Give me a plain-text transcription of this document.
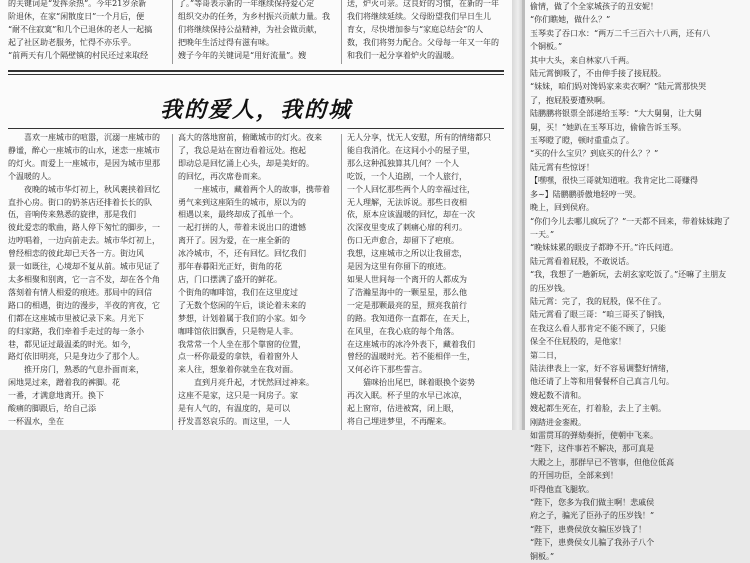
的关键词是“发挥余热”。今年21岁余新

阶退休，在家“闲散度日”一个月后，便

“耐不住寂寞”和几个已退休的老人一起搞

起了社区助老服务，忙得不亦乐乎。

“前两天有几个隔壁镇的村民还过来取经

了。”等哥表示新的一年继续保持爱心定

组织交办的任务，为乡村振兴贡献力量。我

们将继续保持公益精神，为社会做贡献，

把晚年生活过得有滋有味。

嫂子今年的关键词是“用好流量”。嫂

送，炉火可亲。这良好的习惯，在新的一年

我们将继续延续。父母盼望我们早日生儿

育女，尽快增加参与“家庭总结会”的人

数，我们将努力配合。父母每一年又一年的

和我们一起分享着炉火的温暖。

我的爱人，我的城

喜欢一座城市的喧嚣，沉溺一座城市的

静谧，醉心一座城市的山水，迷恋一座城市

的灯火。而爱上一座城市，是因为城市里那

个温暖的人。

夜晚的城市华灯初上，秋风裹挟着回忆

直扑心房。街口的奶茶店还排着长长的队

伍，音响传来熟悉的旋律，那是我们

彼此爱恋的歌曲，路人停下匆忙的脚步，一

边哼唱着，一边向前走去。城市华灯初上，

曾经相恋的彼此却已天各一方。街边风

景一如既往，心境却不复从前。城市见证了

太多相聚和别离，它一言不发，却在各个角

落刻着有情人相爱的痕迹。那局中的回信

路口的相遇，街边的漫步，半夜的宵夜，它

们都在这座城市里被记录下来。月光下

的归家路，我们牵着手走过的每一条小

巷，都见证过最温柔的时光。如今，

路灯依旧明亮，只是身边少了那个人。

推开房门，熟悉的气息扑面而来，

闲地晃过来，蹭着我的裤脚。花

一番，才满意地离开。换下

酸痛的脚跟后，给自己添

一杯温水，坐在

高大的落地窗前，俯瞰城市的灯火。夜来

了，我总是站在窗边看着远处。抱起

即动总是回忆涌上心头，却是美好的。

的回忆，再次席卷而来。

一座城市，藏着两个人的故事，携带着

勇气来到这座陌生的城市，原以为的

相遇以来，最终却成了孤单一个。

一起打拼的人，带着未说出口的遗憾

离开了。因为爱，在一座全新的

冰冷城市，不，还有回忆。回忆我们

那年春暮阳光正好，街角的花

店，门口摆满了盛开的鲜花。

个街角的咖啡馆，我们在这里度过

了无数个悠闲的午后，谈论着未来的

梦想，计划着属于我们的小家。如今

咖啡馆依旧飘香，只是物是人非。

我常常一个人坐在那个靠窗的位置，

点一杯你最爱的拿铁，看着窗外人

来人往，想象着你就坐在我对面。

直到月亮升起，才恍然回过神来。

这座不是家，这只是一间房子。家

是有人气的，有温度的，是可以

抒发喜怒哀乐的。而这里，一人

无人分享，忧无人安慰，所有的情绪都只

能自我消化。在这间小小的屋子里，

那么这种孤独算其几何？一个人

吃饭，一个人追剧，一个人旅行，

一个人回忆那些两个人的幸福过往，

无人理解，无法诉说。那些日夜相

依，原本应该温暖的回忆，却在一次

次深夜里变成了刺痛心扉的利刃。

伤口无声愈合，却留下了疤痕。

我想，这座城市之所以让我留恋，

是因为这里有你留下的痕迹。

如果人世间每一个离开的人都成为

了浩瀚星海中的一颗星星，那么他

一定是那颗最亮的星，照亮我前行

的路。我知道你一直都在，在天上，

在风里，在我心底的每个角落。

在这座城市的冰冷外表下，藏着我们

曾经的温暖时光。若不能相伴一生，

又何必许下那些誓言。

猫咪抬出尾巴，眯着眼换个姿势

再次入眠。杯子里的水早已冰凉，

起上窗帘，估进被窝，闭上眼，

将自己埋进梦里，不再醒来。

偷情，做了个全家城孩子的丑安妮！

“你们瞧她，做什么？”

玉琴卖了吞口水：“两万二千三百六十八两，还有八

个铜板。”

其中大头，来自林家八千两。

陆元霄倒吸了，不由伸手接了接屁股。

“妹妹，咱们妈对馋妈家来卖衣啊？”陆元霄那快哭

了，抱屁股要遭殃啊。

陆鹏鹏将银票全部递给玉琴：“大大舅舅，让大舅

舅，买！”她趴在玉琴耳边，偷偷告诉玉琴。

玉琴瞪了瞪，顿时重重点了。

“买的什么宝贝？到底买的什么？？”

陆元霄有些惊讶！

【嘿嘿，很快三哥就知道啦。我肯定比二哥赚得

多~】陆鹏鹏骄傲地轻哼一哭。

晚上，回到侯府。

“你们今儿去哪儿疯玩了？”一天都不回来，带着妹妹跑了

一天。”

“晚妹妹累的眼皮子都睁不开。”许氏问道。

陆元霄看着屁股，不敢说话。

“我，我想了一趟新玩，去胡玄家吃饭了。”还嘛了主朋友

的压岁钱。

陆元霄：完了，我的屁股，保不住了。

陆元霄看了眼三哥：“咱三哥买了铜钱，

在我这么看人那肯定不能不顾了，只能

保全不住屁股的，是他家！

第二日，

陆法律表上一家，好不容易调整好情绪，

他还请了上等和用餐餐杯自己真言几句。

嫂起数不清和。

嫂起都生死在，打着脸，去上了主朝。

刚踏进金銮殿。

如雷贯耳的弹劾奏折，使朝中飞来。

“陛下，这件事若不解决，那可真是

大殿之上，那群早已不管事，但他位低高

的开国功臣，全部来到！

吓得他直飞腿软。

“陛下，您多为我们做主啊！悲戚侯

府之子，骗光了臣孙子的压岁钱！”

“陛下，患费侯放女骗压岁钱了！

“陛下，患费侯女儿骗了我孙子八个

铜板。”
